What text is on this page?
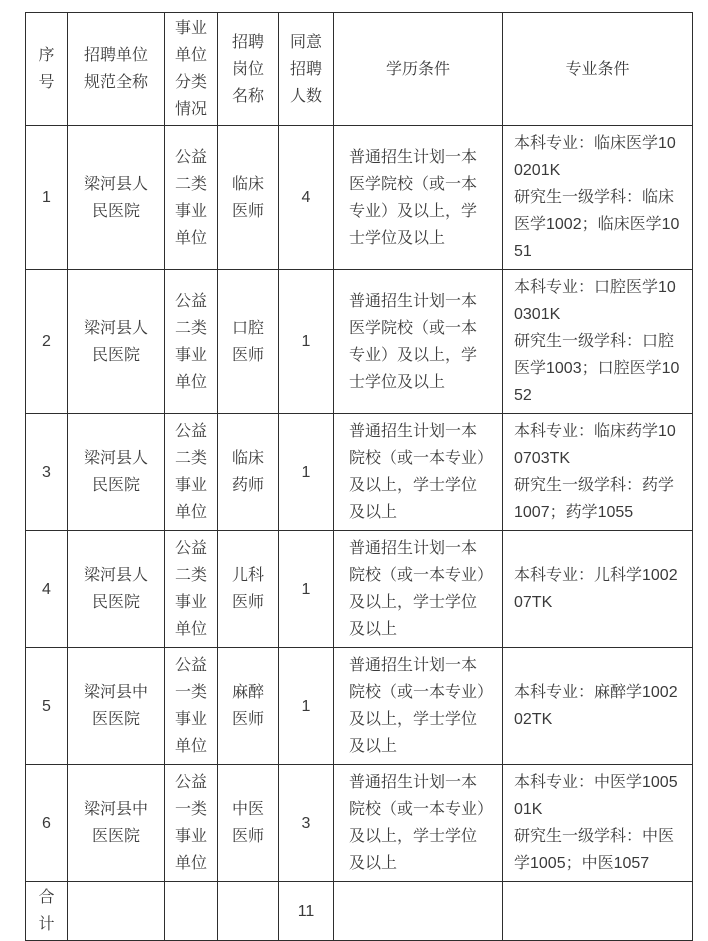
序号	招聘单位规范全称	事业单位分类情况	招聘岗位名称	同意招聘人数	学历条件	专业条件
1	梁河县人民医院	公益二类事业单位	临床医师	4	普通招生计划一本医学院校（或一本专业）及以上，学士学位及以上	本科专业：临床医学100201K
研究生一级学科：临床医学1002；临床医学1051

2	梁河县人民医院	公益二类事业单位	口腔医师	1	普通招生计划一本医学院校（或一本专业）及以上，学士学位及以上	本科专业：口腔医学100301K
研究生一级学科：口腔医学1003；口腔医学1052

3	梁河县人民医院	公益二类事业单位	临床药师	1	普通招生计划一本院校（或一本专业）及以上，学士学位及以上	本科专业：临床药学100703TK
研究生一级学科：药学1007；药学1055

4	梁河县人民医院	公益二类事业单位	儿科医师	1	普通招生计划一本院校（或一本专业）及以上，学士学位及以上	本科专业：儿科学100207TK

5	梁河县中医医院	公益一类事业单位	麻醉医师	1	普通招生计划一本院校（或一本专业）及以上，学士学位及以上	本科专业：麻醉学100202TK

6	梁河县中医医院	公益一类事业单位	中医医师	3	普通招生计划一本院校（或一本专业）及以上，学士学位及以上	本科专业：中医学100501K
研究生一级学科：中医学1005；中医1057

合计				11		
